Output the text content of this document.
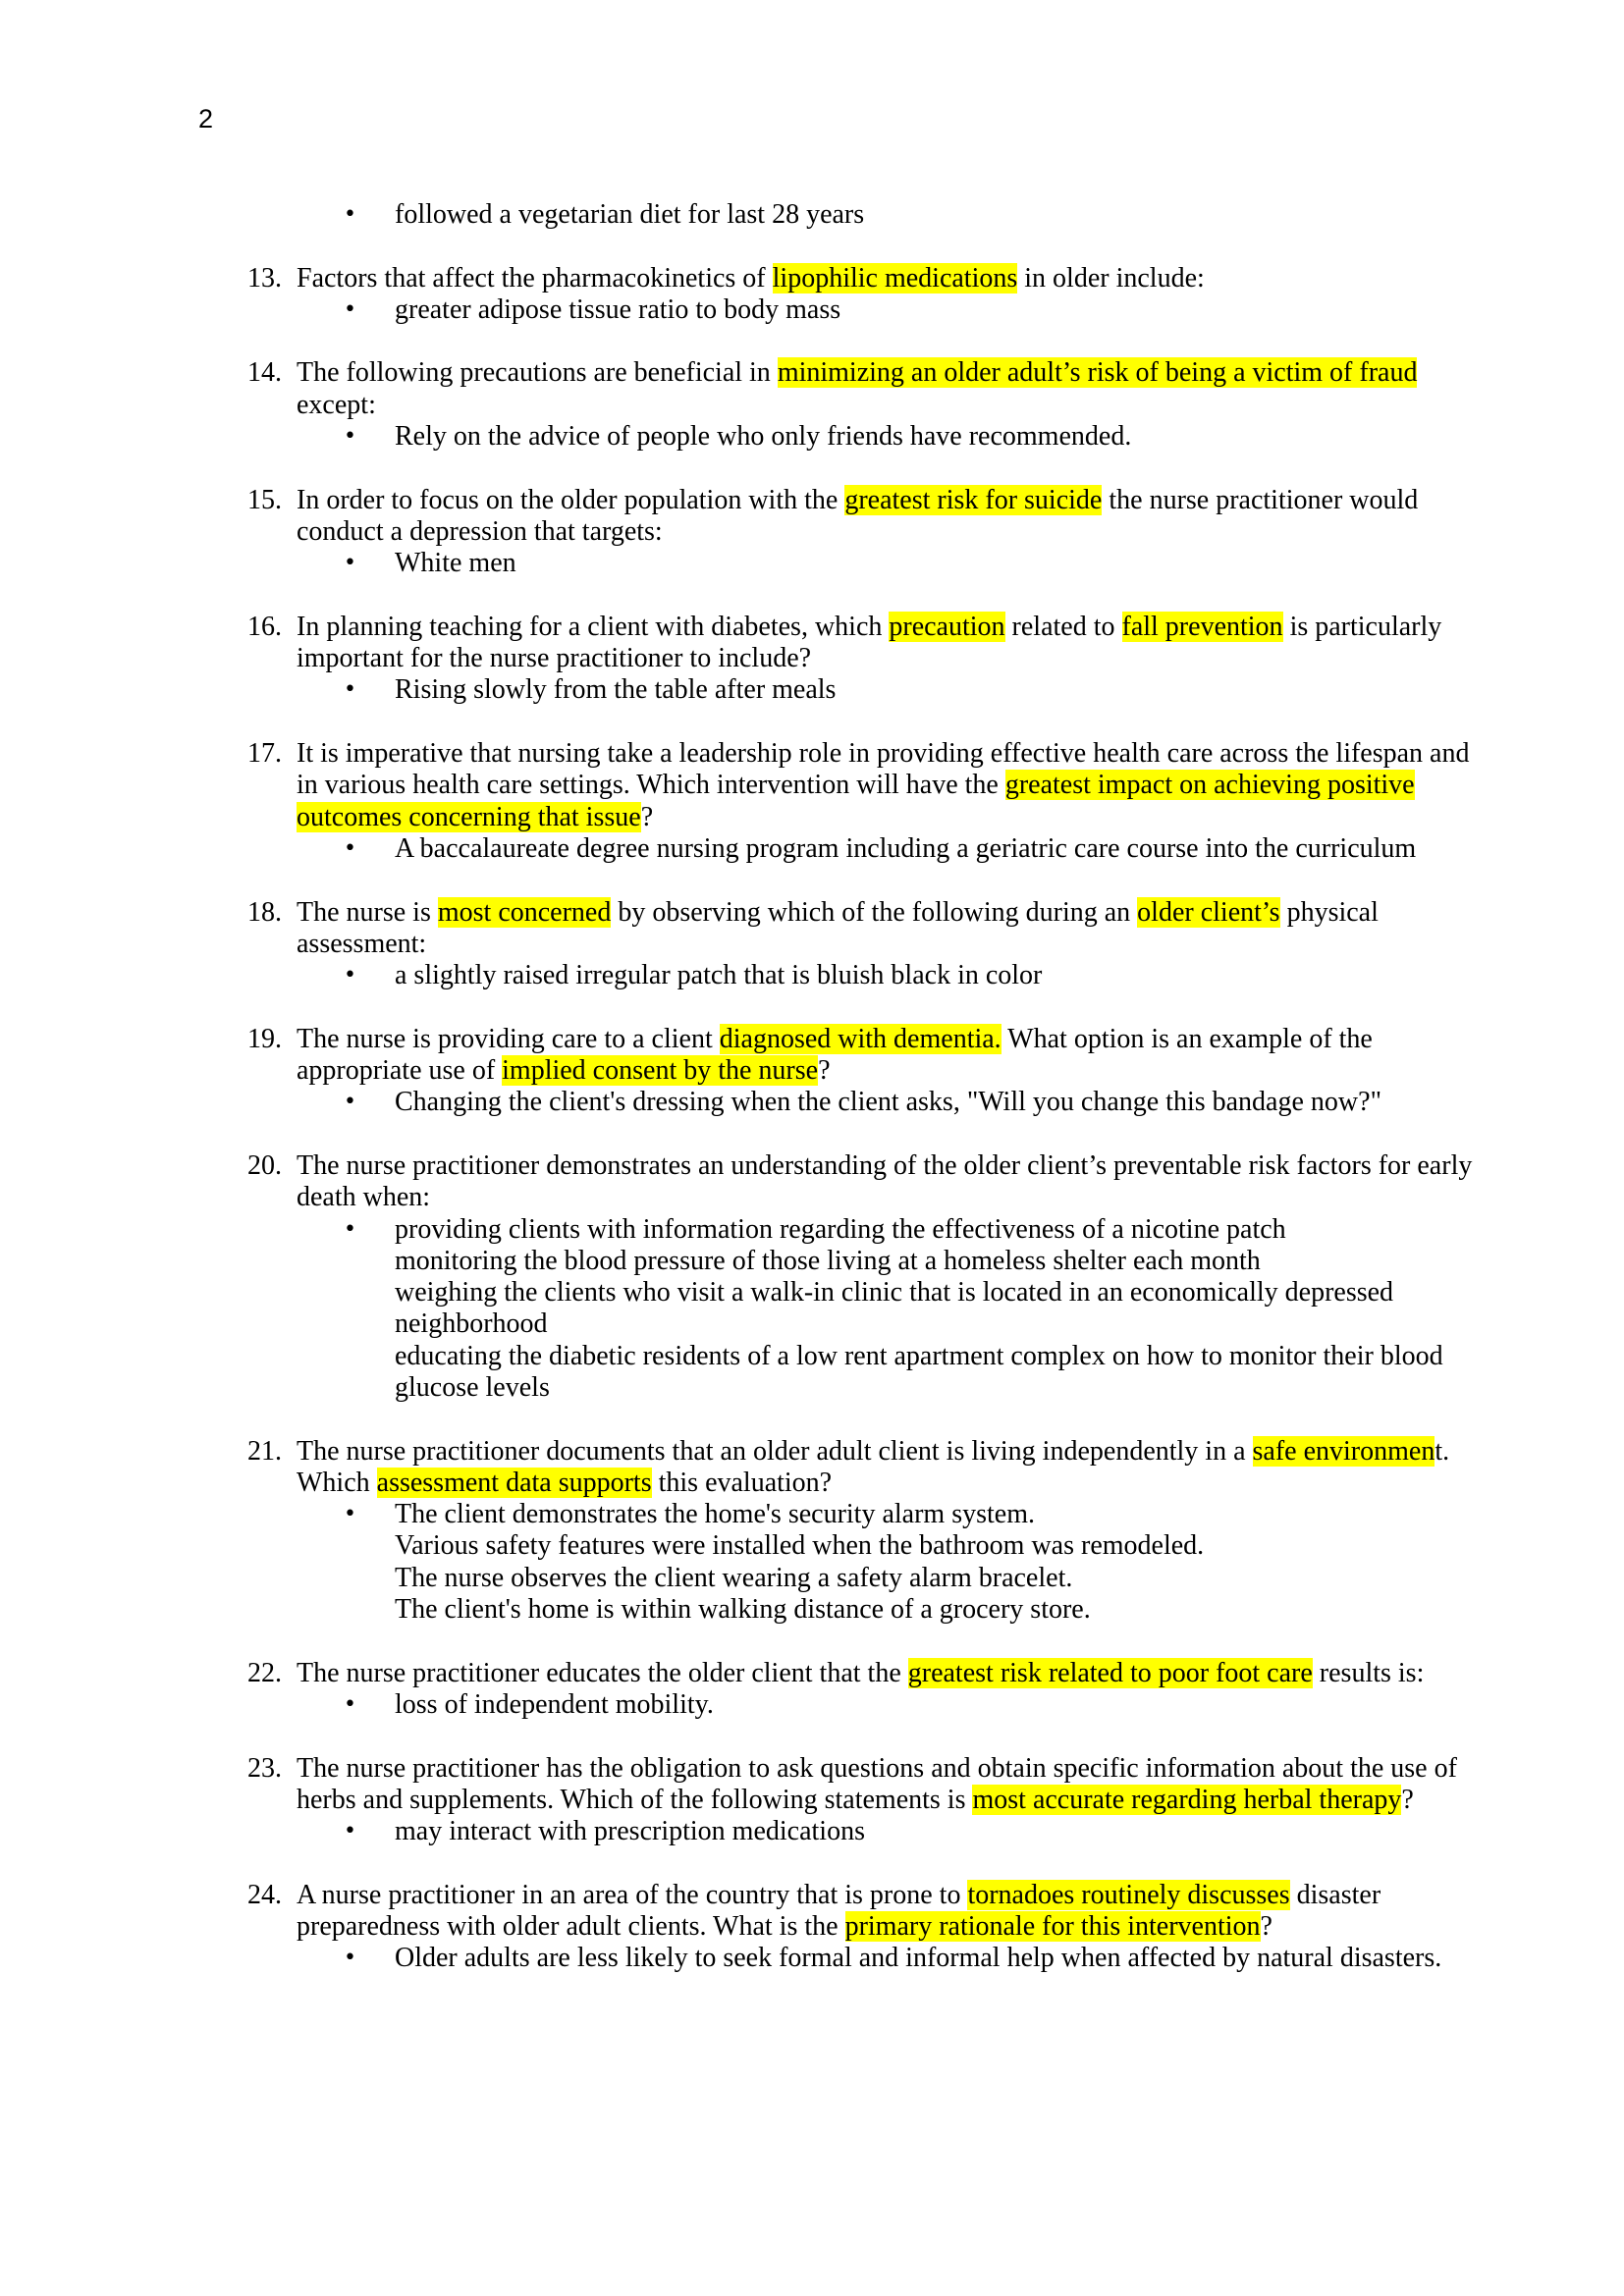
2
• followed a vegetarian diet for last 28 years
13. Factors that affect the pharmacokinetics of lipophilic medications in older include:
• greater adipose tissue ratio to body mass
14. The following precautions are beneficial in minimizing an older adult’s risk of being a victim of fraud
except:
• Rely on the advice of people who only friends have recommended.
15. In order to focus on the older population with the greatest risk for suicide the nurse practitioner would
conduct a depression that targets:
• White men
16. In planning teaching for a client with diabetes, which precaution related to fall prevention is particularly
important for the nurse practitioner to include?
• Rising slowly from the table after meals
17. It is imperative that nursing take a leadership role in providing effective health care across the lifespan and
in various health care settings. Which intervention will have the greatest impact on achieving positive
outcomes concerning that issue?
• A baccalaureate degree nursing program including a geriatric care course into the curriculum
18. The nurse is most concerned by observing which of the following during an older client’s physical
assessment:
• a slightly raised irregular patch that is bluish black in color
19. The nurse is providing care to a client diagnosed with dementia. What option is an example of the
appropriate use of implied consent by the nurse?
• Changing the client's dressing when the client asks, "Will you change this bandage now?"
20. The nurse practitioner demonstrates an understanding of the older client’s preventable risk factors for early
death when:
• providing clients with information regarding the effectiveness of a nicotine patch
monitoring the blood pressure of those living at a homeless shelter each month
weighing the clients who visit a walk-in clinic that is located in an economically depressed
neighborhood
educating the diabetic residents of a low rent apartment complex on how to monitor their blood
glucose levels
21. The nurse practitioner documents that an older adult client is living independently in a safe environment.
Which assessment data supports this evaluation?
• The client demonstrates the home's security alarm system.
Various safety features were installed when the bathroom was remodeled.
The nurse observes the client wearing a safety alarm bracelet.
The client's home is within walking distance of a grocery store.
22. The nurse practitioner educates the older client that the greatest risk related to poor foot care results is:
• loss of independent mobility.
23. The nurse practitioner has the obligation to ask questions and obtain specific information about the use of
herbs and supplements. Which of the following statements is most accurate regarding herbal therapy?
• may interact with prescription medications
24. A nurse practitioner in an area of the country that is prone to tornadoes routinely discusses disaster
preparedness with older adult clients. What is the primary rationale for this intervention?
• Older adults are less likely to seek formal and informal help when affected by natural disasters.
